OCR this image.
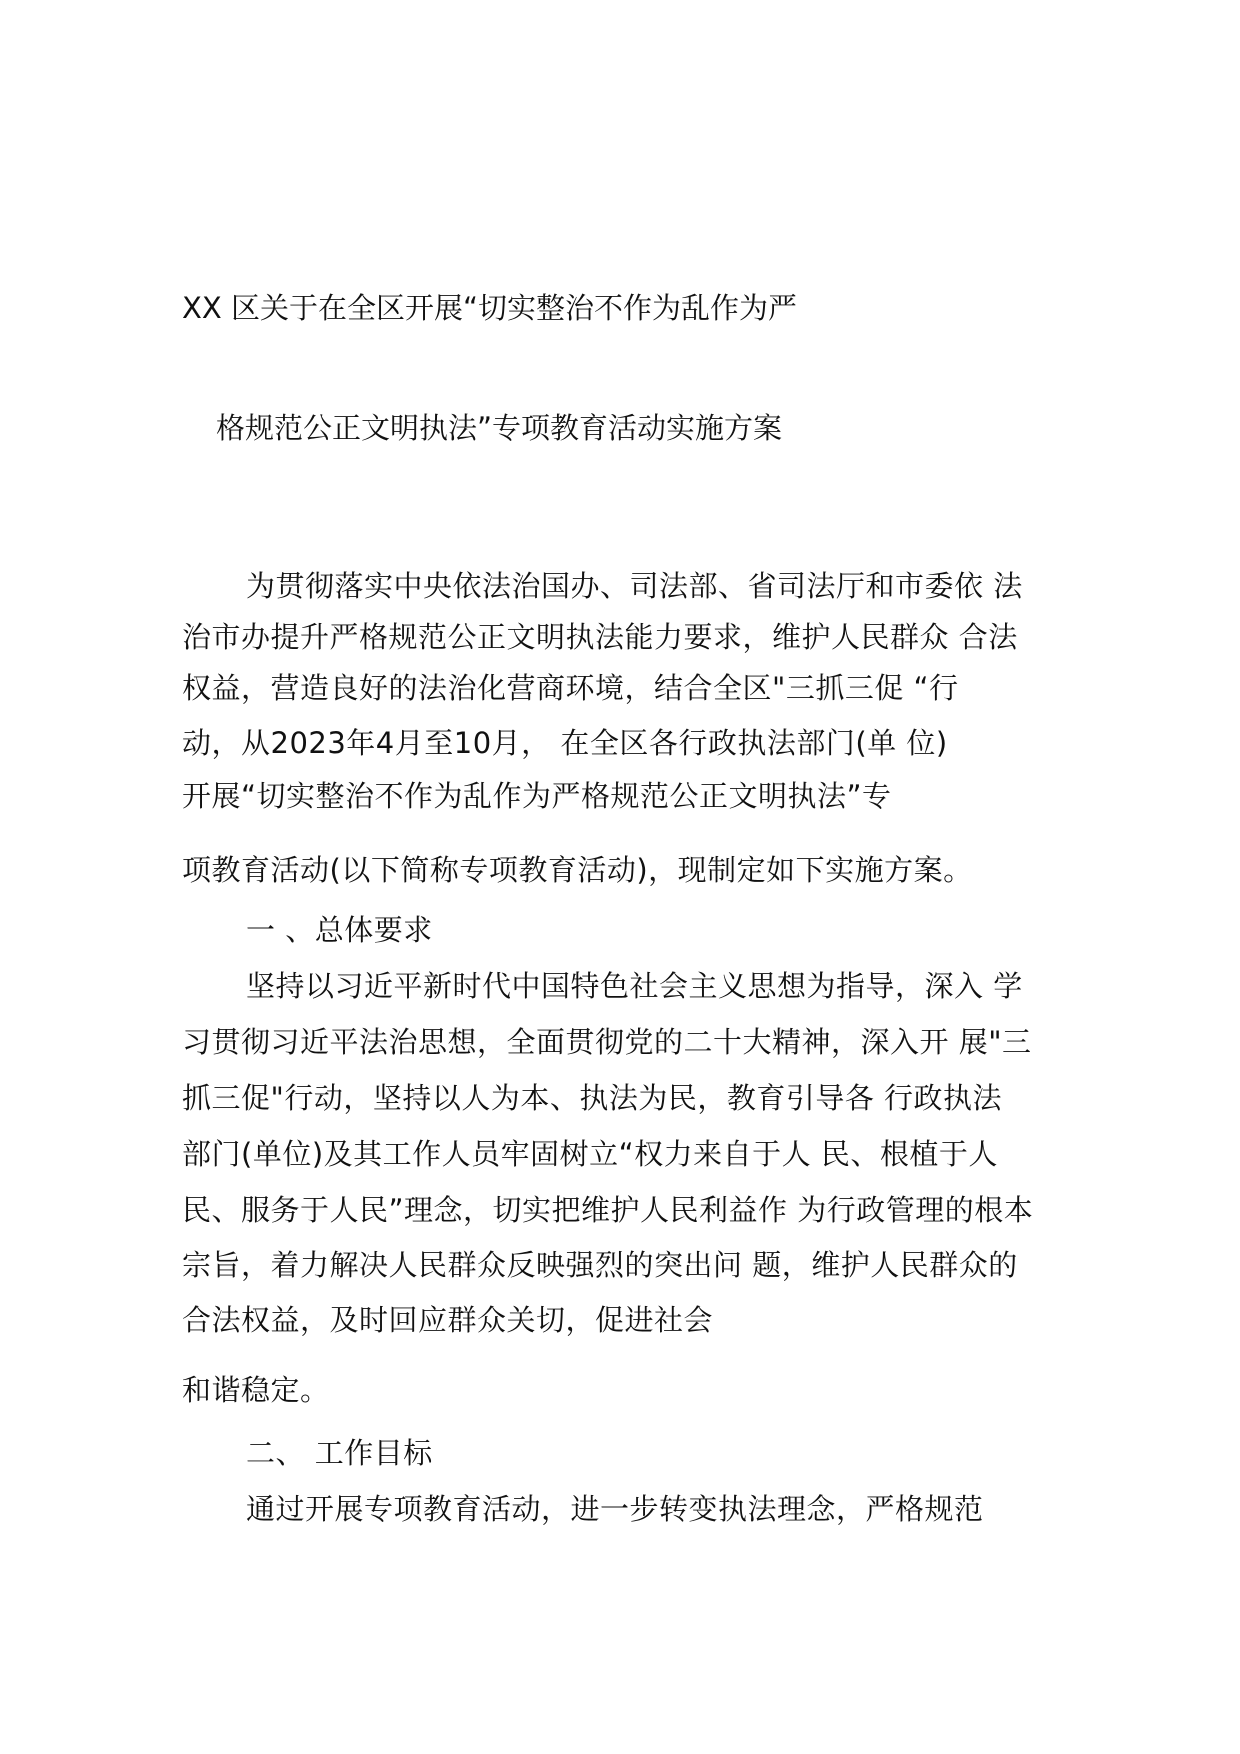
XX 区关于在全区开展“切实整治不作为乱作为严
格规范公正文明执法”专项教育活动实施方案
为贯彻落实中央依法治国办、司法部、省司法厅和市委依 法
治市办提升严格规范公正文明执法能力要求，维护人民群众 合法
权益，营造良好的法治化营商环境，结合全区"三抓三促 “行
动，从2023年4月至10月， 在全区各行政执法部门(单 位)
开展“切实整治不作为乱作为严格规范公正文明执法”专
项教育活动(以下简称专项教育活动)，现制定如下实施方案。
一 、总体要求
坚持以习近平新时代中国特色社会主义思想为指导，深入 学
习贯彻习近平法治思想，全面贯彻党的二十大精神，深入开 展"三
抓三促"行动，坚持以人为本、执法为民，教育引导各 行政执法
部门(单位)及其工作人员牢固树立“权力来自于人 民、根植于人
民、服务于人民”理念，切实把维护人民利益作 为行政管理的根本
宗旨，着力解决人民群众反映强烈的突出问 题，维护人民群众的
合法权益，及时回应群众关切，促进社会
和谐稳定。
二、 工作目标
通过开展专项教育活动，进一步转变执法理念，严格规范
